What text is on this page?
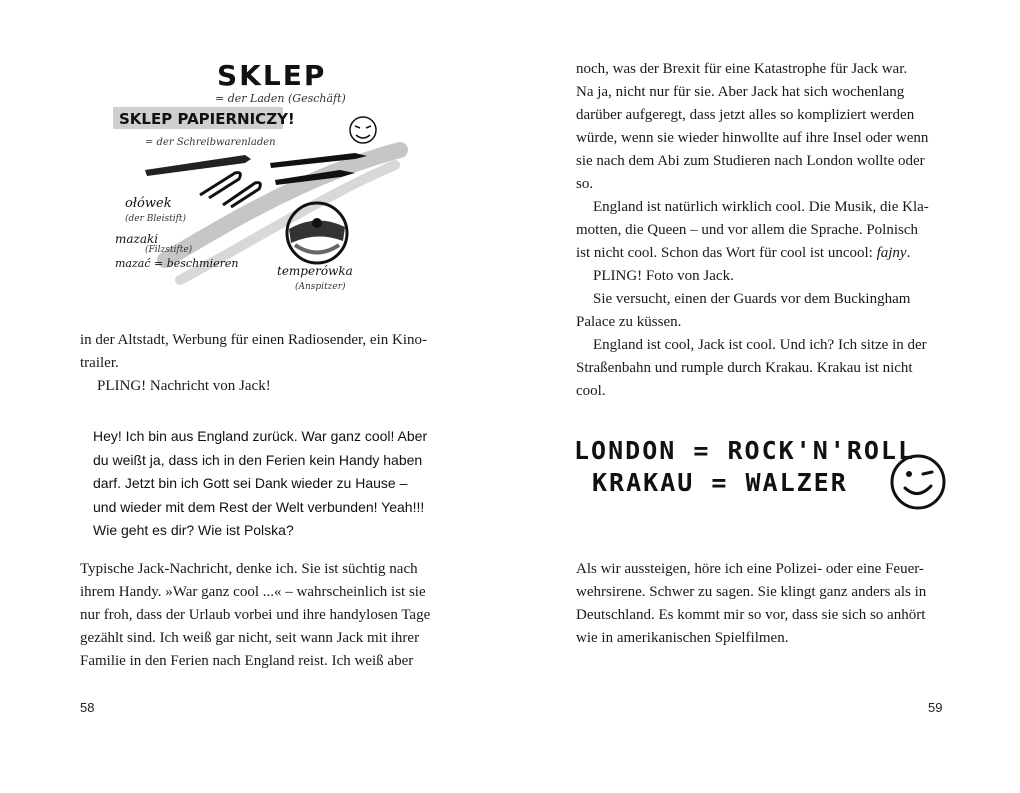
SKLEP
= der Laden (Geschäft)
SKLEP PAPIERNICZY!
= der Schreibwarenladen
ołówek
(der Bleistift)
mazaki
(Filzstifte)
mazać = beschmieren
temperówka
(Anspitzer)
in der Altstadt, Werbung für einen Radiosender, ein Kino-
trailer.
PLING! Nachricht von Jack!
Hey! Ich bin aus England zurück. War ganz cool! Aber
du weißt ja, dass ich in den Ferien kein Handy haben
darf. Jetzt bin ich Gott sei Dank wieder zu Hause –
und wieder mit dem Rest der Welt verbunden! Yeah!!!
Wie geht es dir? Wie ist Polska?
Typische Jack-Nachricht, denke ich. Sie ist süchtig nach
ihrem Handy. »War ganz cool ...« – wahrscheinlich ist sie
nur froh, dass der Urlaub vorbei und ihre handylosen Tage
gezählt sind. Ich weiß gar nicht, seit wann Jack mit ihrer
Familie in den Ferien nach England reist. Ich weiß aber
58
noch, was der Brexit für eine Katastrophe für Jack war.
Na ja, nicht nur für sie. Aber Jack hat sich wochenlang
darüber aufgeregt, dass jetzt alles so kompliziert werden
würde, wenn sie wieder hinwollte auf ihre Insel oder wenn
sie nach dem Abi zum Studieren nach London wollte oder
so.
England ist natürlich wirklich cool. Die Musik, die Kla-
motten, die Queen – und vor allem die Sprache. Polnisch
ist nicht cool. Schon das Wort für cool ist uncool: fajny.
PLING! Foto von Jack.
Sie versucht, einen der Guards vor dem Buckingham
Palace zu küssen.
England ist cool, Jack ist cool. Und ich? Ich sitze in der
Straßenbahn und rumple durch Krakau. Krakau ist nicht
cool.
LONDON = ROCK'N'ROLL
KRAKAU = WALZER
Als wir aussteigen, höre ich eine Polizei- oder eine Feuer-
wehrsirene. Schwer zu sagen. Sie klingt ganz anders als in
Deutschland. Es kommt mir so vor, dass sie sich so anhört
wie in amerikanischen Spielfilmen.
59
